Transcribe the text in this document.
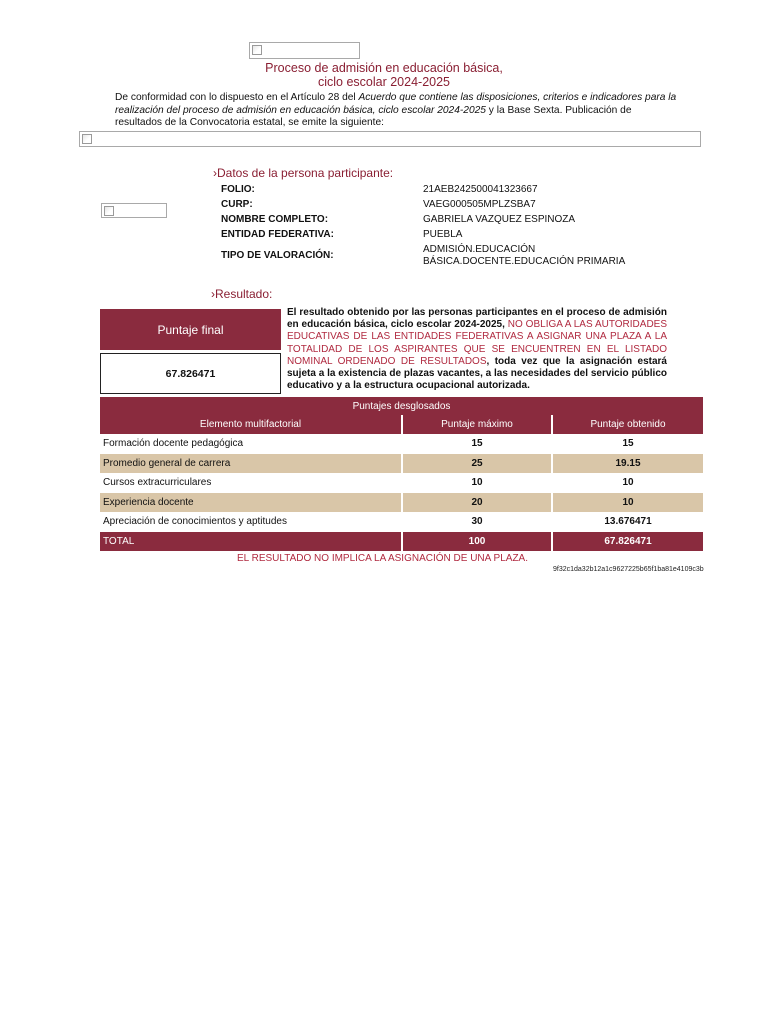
Proceso de admisión en educación básica,
ciclo escolar 2024-2025
De conformidad con lo dispuesto en el Artículo 28 del Acuerdo que contiene las disposiciones, criterios e indicadores para la realización del proceso de admisión en educación básica, ciclo escolar 2024-2025 y la Base Sexta. Publicación de resultados de la Convocatoria estatal, se emite la siguiente:
›Datos de la persona participante:
FOLIO:	21AEB242500041323667
CURP:	VAEG000505MPLZSBA7
NOMBRE COMPLETO:	GABRIELA VAZQUEZ ESPINOZA
ENTIDAD FEDERATIVA:	PUEBLA
TIPO DE VALORACIÓN:
ADMISIÓN.EDUCACIÓN BÁSICA.DOCENTE.EDUCACIÓN PRIMARIA
›Resultado:
Puntaje final
67.826471
El resultado obtenido por las personas participantes en el proceso de admisión en educación básica, ciclo escolar 2024-2025, NO OBLIGA A LAS AUTORIDADES EDUCATIVAS DE LAS ENTIDADES FEDERATIVAS A ASIGNAR UNA PLAZA A LA TOTALIDAD DE LOS ASPIRANTES QUE SE ENCUENTREN EN EL LISTADO NOMINAL ORDENADO DE RESULTADOS, toda vez que la asignación estará sujeta a la existencia de plazas vacantes, a las necesidades del servicio público educativo y a la estructura ocupacional autorizada.
Puntajes desglosados		
Elemento multifactorial	Puntaje máximo	Puntaje obtenido
Formación docente pedagógica	15	15
Promedio general de carrera	25	19.15
Cursos extracurriculares	10	10
Experiencia docente	20	10
Apreciación de conocimientos y aptitudes	30	13.676471
TOTAL	100	67.826471
EL RESULTADO NO IMPLICA LA ASIGNACIÓN DE UNA PLAZA.
9f32c1da32b12a1c9627225b65f1ba81e4109c3b
